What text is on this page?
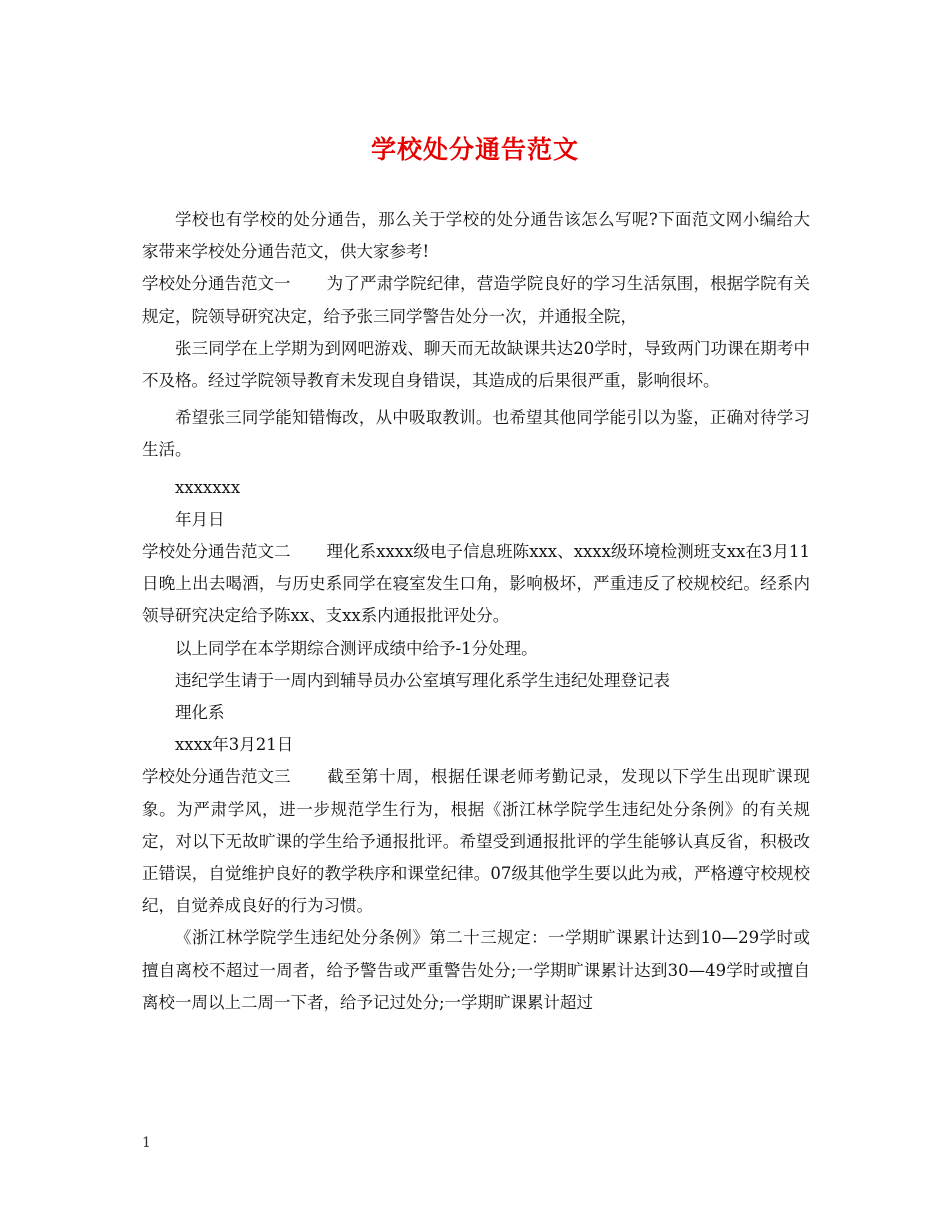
学校处分通告范文

学校也有学校的处分通告，那么关于学校的处分通告该怎么写呢?下面范文网小编给大家带来学校处分通告范文，供大家参考!

学校处分通告范文一 为了严肃学院纪律，营造学院良好的学习生活氛围，根据学院有关规定，院领导研究决定，给予张三同学警告处分一次，并通报全院，

张三同学在上学期为到网吧游戏、聊天而无故缺课共达20学时，导致两门功课在期考中不及格。经过学院领导教育未发现自身错误，其造成的后果很严重，影响很坏。

希望张三同学能知错悔改，从中吸取教训。也希望其他同学能引以为鉴，正确对待学习生活。

xxxxxxx

年月日

学校处分通告范文二 理化系xxxx级电子信息班陈xxx、xxxx级环境检测班支xx在3月11日晚上出去喝酒，与历史系同学在寝室发生口角，影响极坏，严重违反了校规校纪。经系内领导研究决定给予陈xx、支xx系内通报批评处分。

以上同学在本学期综合测评成绩中给予-1分处理。

违纪学生请于一周内到辅导员办公室填写理化系学生违纪处理登记表

理化系

xxxx年3月21日

学校处分通告范文三 截至第十周，根据任课老师考勤记录，发现以下学生出现旷课现象。为严肃学风，进一步规范学生行为，根据《浙江林学院学生违纪处分条例》的有关规定，对以下无故旷课的学生给予通报批评。希望受到通报批评的学生能够认真反省，积极改正错误，自觉维护良好的教学秩序和课堂纪律。07级其他学生要以此为戒，严格遵守校规校纪，自觉养成良好的行为习惯。

《浙江林学院学生违纪处分条例》第二十三规定：一学期旷课累计达到10—29学时或擅自离校不超过一周者，给予警告或严重警告处分;一学期旷课累计达到30—49学时或擅自离校一周以上二周一下者，给予记过处分;一学期旷课累计超过

1
